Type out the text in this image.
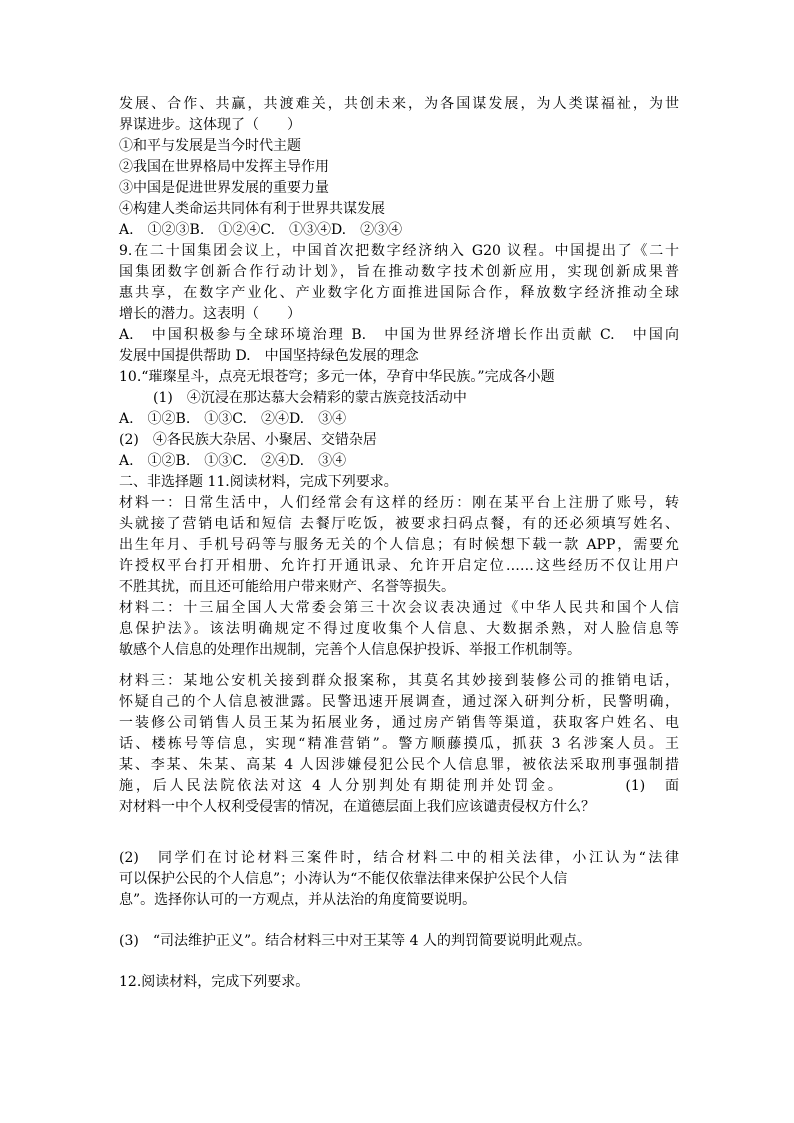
发展、合作、共赢，共渡难关，共创未来，为各国谋发展，为人类谋福祉，为世
界谋进步。这体现了（　　）
①和平与发展是当今时代主题
②我国在世界格局中发挥主导作用
③中国是促进世界发展的重要力量
④构建人类命运共同体有利于世界共谋发展
A.　①②③B.　①②④C.　①③④D.　②③④
9.在二十国集团会议上，中国首次把数字经济纳入 G20 议程。中国提出了《二十
国集团数字创新合作行动计划》，旨在推动数字技术创新应用，实现创新成果普
惠共享，在数字产业化、产业数字化方面推进国际合作，释放数字经济推动全球
增长的潜力。这表明（　　）
A.　中国积极参与全球环境治理 B.　中国为世界经济增长作出贡献 C.　中国向
发展中国提供帮助 D.　中国坚持绿色发展的理念
10.“璀璨星斗，点亮无垠苍穹；多元一体，孕育中华民族。”完成各小题
(1)　④沉浸在那达慕大会精彩的蒙古族竞技活动中
A.　①②B.　①③C.　②④D.　③④
(2)　④各民族大杂居、小聚居、交错杂居
A.　①②B.　①③C.　②④D.　③④
二、非选择题 11.阅读材料，完成下列要求。
材料一：日常生活中，人们经常会有这样的经历：刚在某平台上注册了账号，转
头就接了营销电话和短信 去餐厅吃饭，被要求扫码点餐，有的还必须填写姓名、
出生年月、手机号码等与服务无关的个人信息；有时候想下载一款 APP，需要允
许授权平台打开相册、允许打开通讯录、允许开启定位……这些经历不仅让用户
不胜其扰，而且还可能给用户带来财产、名誉等损失。
材料二：十三届全国人大常委会第三十次会议表决通过《中华人民共和国个人信
息保护法》。该法明确规定不得过度收集个人信息、大数据杀熟，对人脸信息等
敏感个人信息的处理作出规制，完善个人信息保护投诉、举报工作机制等。
材料三：某地公安机关接到群众报案称，其莫名其妙接到装修公司的推销电话，
怀疑自己的个人信息被泄露。民警迅速开展调查，通过深入研判分析，民警明确，
一装修公司销售人员王某为拓展业务，通过房产销售等渠道，获取客户姓名、电
话、楼栋号等信息，实现“精准营销”。警方顺藤摸瓜，抓获 3 名涉案人员。王
某、李某、朱某、高某 4 人因涉嫌侵犯公民个人信息罪，被依法采取刑事强制措
施，后人民法院依法对这 4 人分别判处有期徒刑并处罚金。　　　　(1)　面
对材料一中个人权利受侵害的情况，在道德层面上我们应该谴责侵权方什么？
(2)　同学们在讨论材料三案件时，结合材料二中的相关法律，小江认为“法律
可以保护公民的个人信息”；小涛认为“不能仅依靠法律来保护公民个人信
息”。选择你认可的一方观点，并从法治的角度简要说明。
(3)　“司法维护正义”。结合材料三中对王某等 4 人的判罚简要说明此观点。
12.阅读材料，完成下列要求。
